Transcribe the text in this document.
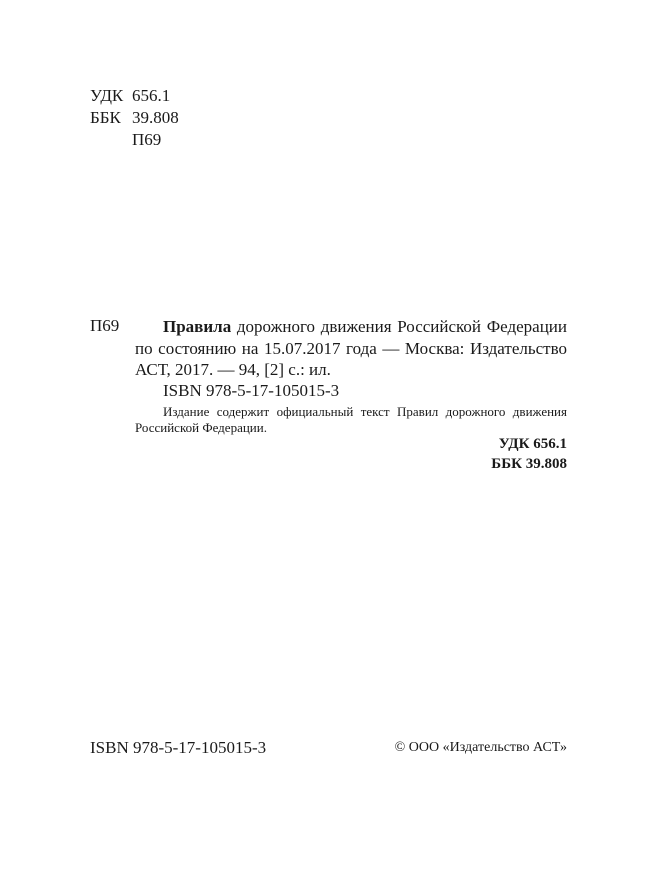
УДК 656.1
ББК 39.808
П69
П69	Правила дорожного движения Российской Федерации по состоянию на 15.07.2017 года — Москва: Издательство АСТ, 2017. — 94, [2] с.: ил.
ISBN 978-5-17-105015-3
Издание содержит официальный текст Правил дорожного движения Российской Федерации.
УДК 656.1
ББК 39.808
ISBN 978-5-17-105015-3	© ООО «Издательство АСТ»
